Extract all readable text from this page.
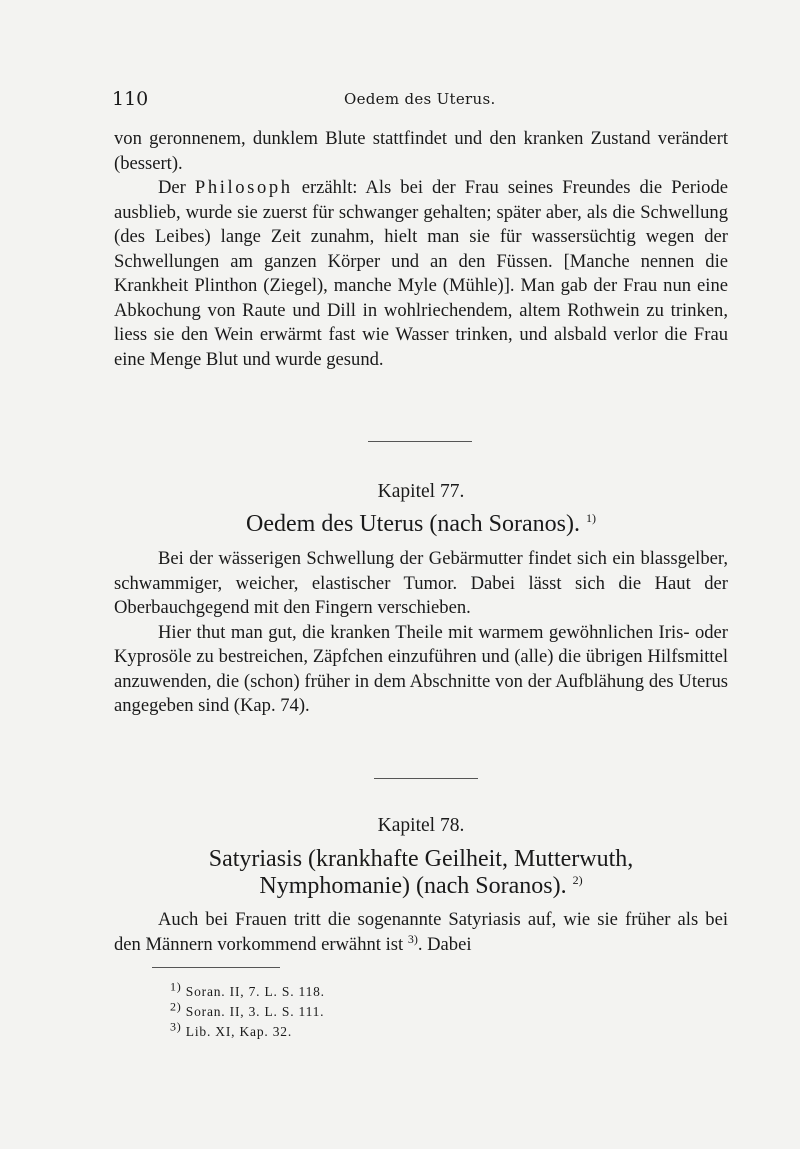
110	Oedem des Uterus.

von geronnenem, dunklem Blute stattfindet und den kranken Zustand verändert (bessert).

Der Philosoph erzählt: Als bei der Frau seines Freundes die Periode ausblieb, wurde sie zuerst für schwanger gehalten; später aber, als die Schwellung (des Leibes) lange Zeit zunahm, hielt man sie für wassersüchtig wegen der Schwellungen am ganzen Körper und an den Füssen. [Manche nennen die Krankheit Plinthon (Ziegel), manche Myle (Mühle)]. Man gab der Frau nun eine Abkochung von Raute und Dill in wohlriechendem, altem Rothwein zu trinken, liess sie den Wein erwärmt fast wie Wasser trinken, und alsbald verlor die Frau eine Menge Blut und wurde gesund.

Kapitel 77.
Oedem des Uterus (nach Soranos). $^{1)}$

Bei der wässerigen Schwellung der Gebärmutter findet sich ein blassgelber, schwammiger, weicher, elastischer Tumor. Dabei lässt sich die Haut der Oberbauchgegend mit den Fingern verschieben.

Hier thut man gut, die kranken Theile mit warmem gewöhnlichen Iris- oder Kyprosöle zu bestreichen, Zäpfchen einzuführen und (alle) die übrigen Hilfsmittel anzuwenden, die (schon) früher in dem Abschnitte von der Aufblähung des Uterus angegeben sind (Kap. 74).

Kapitel 78.
Satyriasis (krankhafte Geilheit, Mutterwuth,
Nymphomanie) (nach Soranos). $^{2)}$

Auch bei Frauen tritt die sogenannte Satyriasis auf, wie sie früher als bei den Männern vorkommend erwähnt ist $^{3)}$. Dabei

$^{1)}$ Soran. II, 7. L. S. 118.
$^{2)}$ Soran. II, 3. L. S. 111.
$^{3)}$ Lib. XI, Kap. 32.
